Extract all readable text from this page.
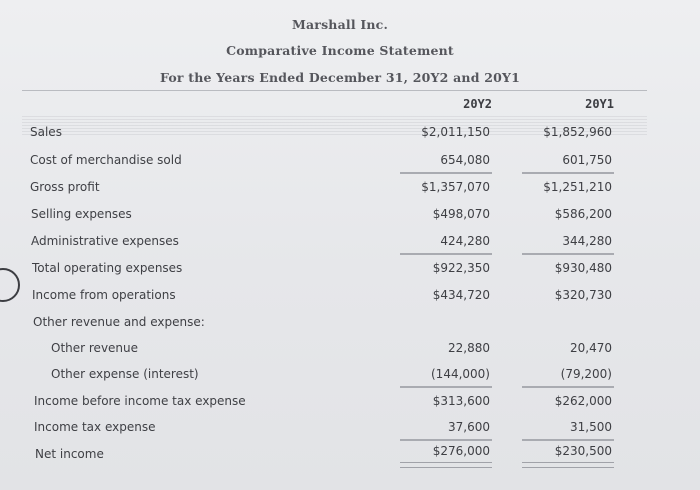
Marshall Inc.
Comparative Income Statement
For the Years Ended December 31, 20Y2 and 20Y1
20Y2	20Y1
Sales	$2,011,150	$1,852,960
Cost of merchandise sold	654,080	601,750
Gross profit	$1,357,070	$1,251,210
Selling expenses	$498,070	$586,200
Administrative expenses	424,280	344,280
Total operating expenses	$922,350	$930,480
Income from operations	$434,720	$320,730
Other revenue and expense:
Other revenue	22,880	20,470
Other expense (interest)	(144,000)	(79,200)
Income before income tax expense	$313,600	$262,000
Income tax expense	37,600	31,500
Net income	$276,000	$230,500
